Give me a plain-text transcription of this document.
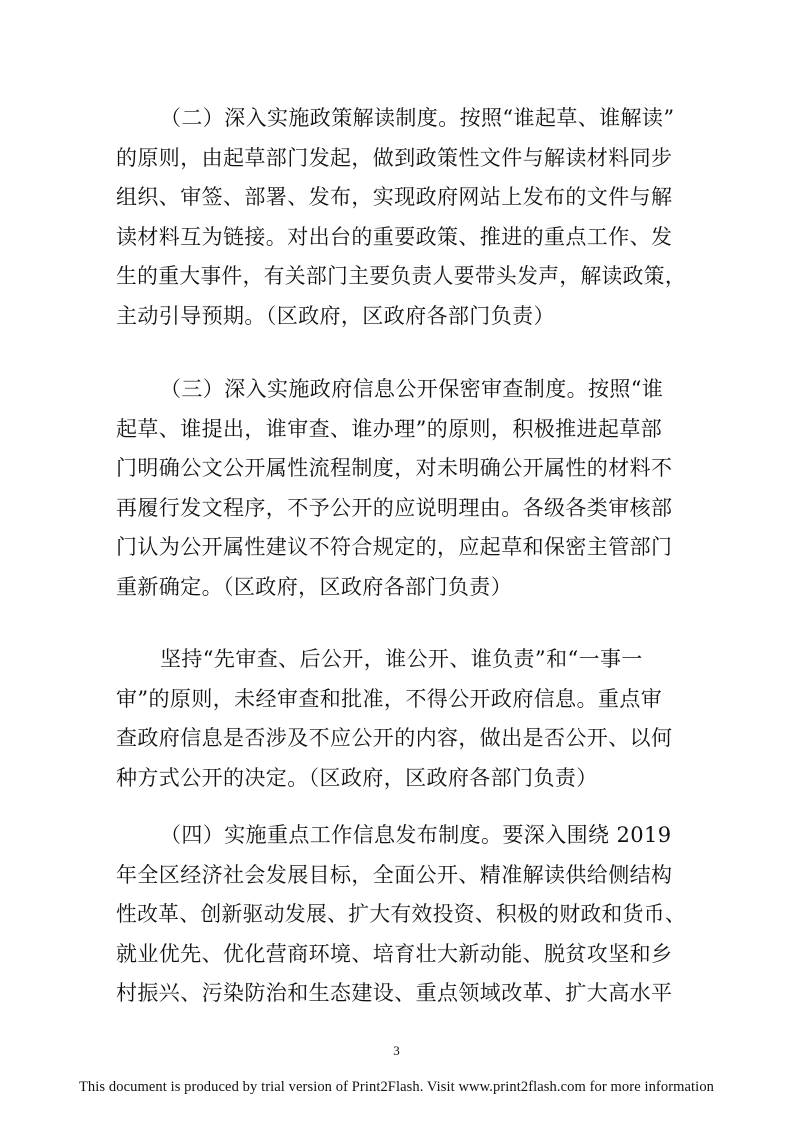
（二）深入实施政策解读制度。按照“谁起草、谁解读”
的原则，由起草部门发起，做到政策性文件与解读材料同步
组织、审签、部署、发布，实现政府网站上发布的文件与解
读材料互为链接。对出台的重要政策、推进的重点工作、发
生的重大事件，有关部门主要负责人要带头发声，解读政策，
主动引导预期。（区政府，区政府各部门负责）
（三）深入实施政府信息公开保密审查制度。按照“谁
起草、谁提出，谁审查、谁办理”的原则，积极推进起草部
门明确公文公开属性流程制度，对未明确公开属性的材料不
再履行发文程序，不予公开的应说明理由。各级各类审核部
门认为公开属性建议不符合规定的，应起草和保密主管部门
重新确定。（区政府，区政府各部门负责）
坚持“先审查、后公开，谁公开、谁负责”和“一事一
审”的原则，未经审查和批准，不得公开政府信息。重点审
查政府信息是否涉及不应公开的内容，做出是否公开、以何
种方式公开的决定。（区政府，区政府各部门负责）
（四）实施重点工作信息发布制度。要深入围绕 2019
年全区经济社会发展目标，全面公开、精准解读供给侧结构
性改革、创新驱动发展、扩大有效投资、积极的财政和货币、
就业优先、优化营商环境、培育壮大新动能、脱贫攻坚和乡
村振兴、污染防治和生态建设、重点领域改革、扩大高水平
3
This document is produced by trial version of Print2Flash. Visit www.print2flash.com for more information
